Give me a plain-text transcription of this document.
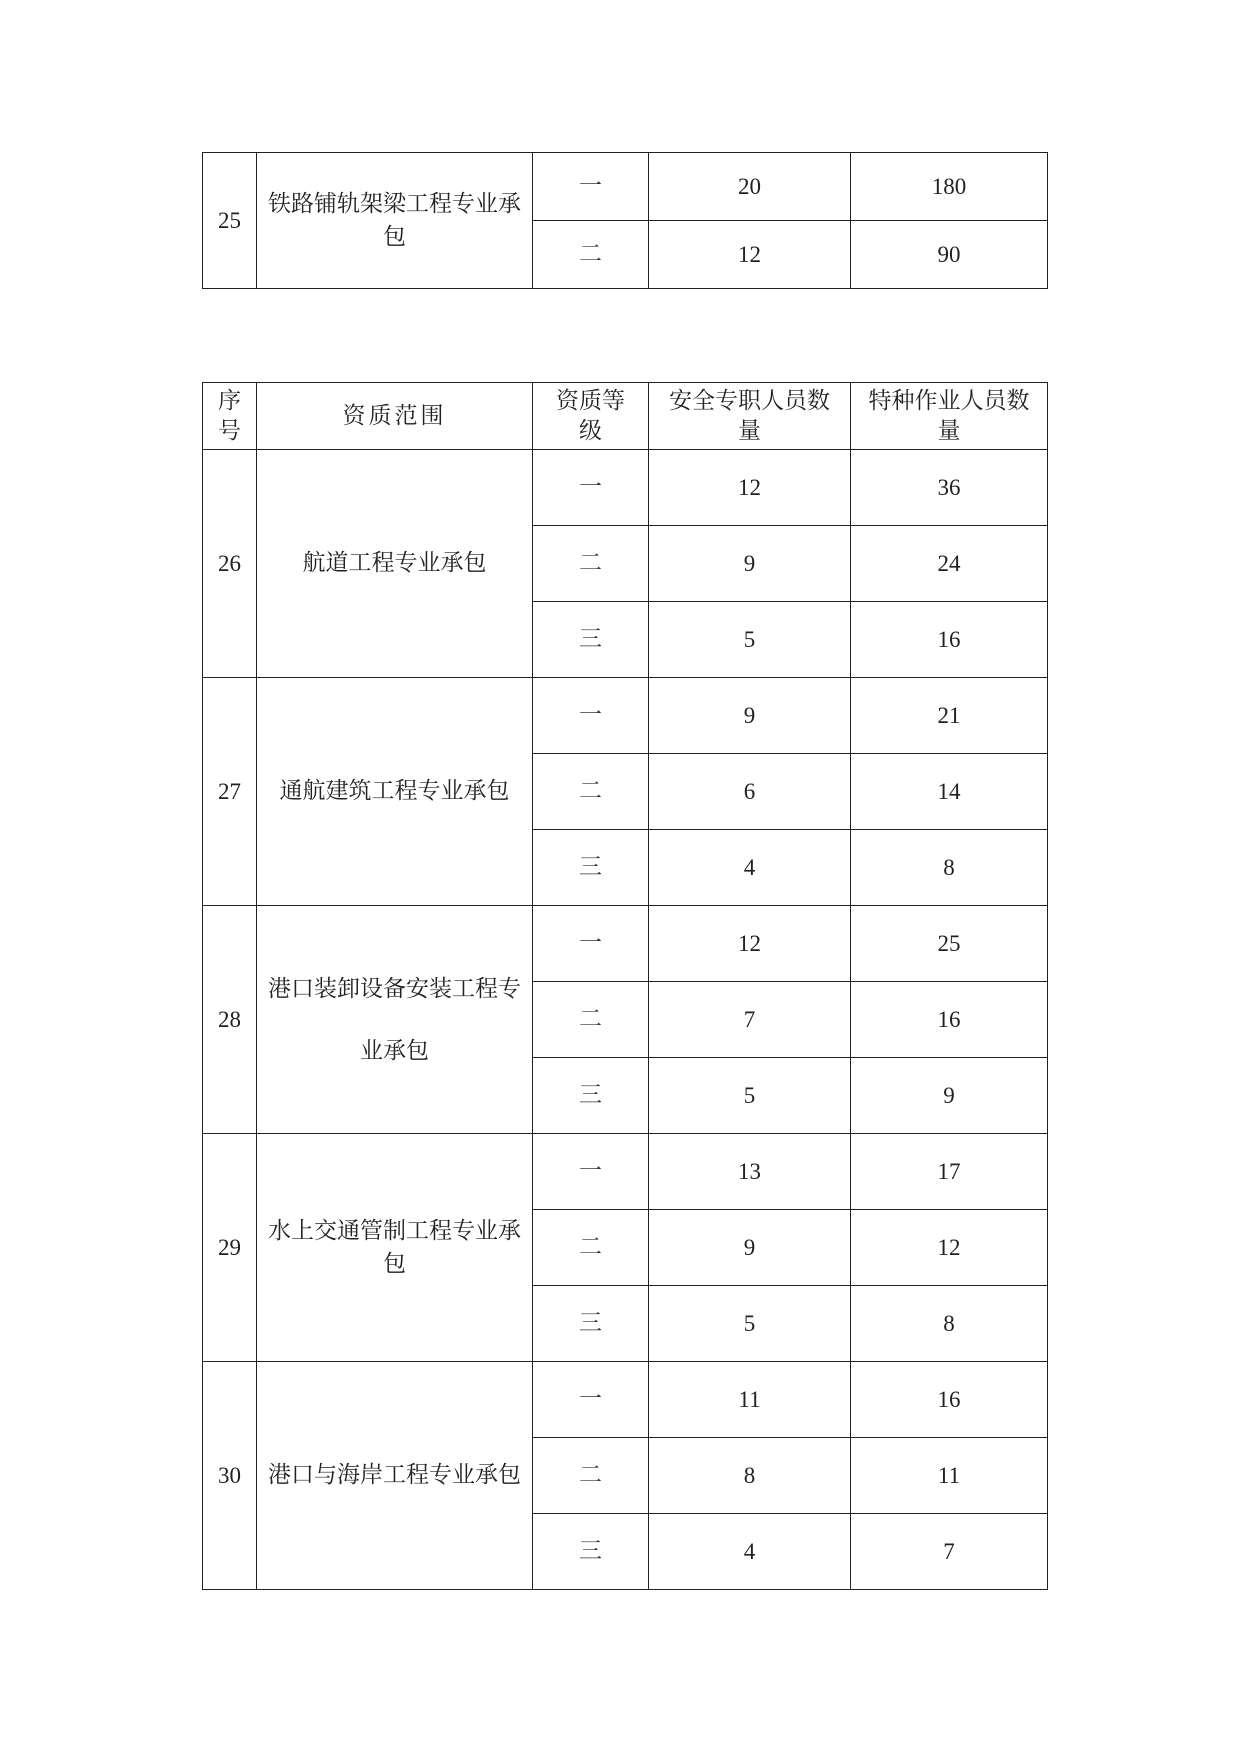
25	铁路铺轨架梁工程专业承包	一	20	180
		二	12	90
序号	资质范围	资质等级	安全专职人员数量	特种作业人员数量
26	航道工程专业承包	一	12	36
		二	9	24
		三	5	16
27	通航建筑工程专业承包	一	9	21
		二	6	14
		三	4	8
28	港口装卸设备安装工程专业承包	一	12	25
		二	7	16
		三	5	9
29	水上交通管制工程专业承包	一	13	17
		二	9	12
		三	5	8
30	港口与海岸工程专业承包	一	11	16
		二	8	11
		三	4	7
